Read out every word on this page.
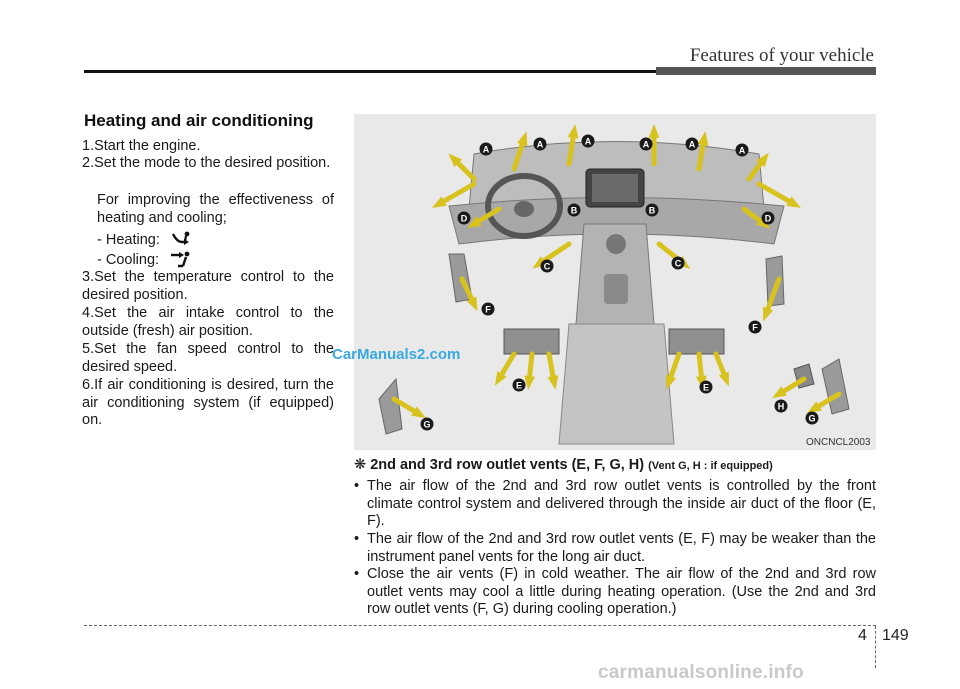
Features of your vehicle
Heating and air conditioning
1.Start the engine.
2.Set the mode to the desired position.
For improving the effectiveness of heating and cooling;
- Heating:
- Cooling:
3.Set the temperature control to the desired position.
4.Set the air intake control to the outside (fresh) air position.
5.Set the fan speed control to the desired speed.
6.If air conditioning is desired, turn the air conditioning system (if equipped) on.
A	A	A	A	A
A
B	B
C	C
D	D
E	E
F
F
G
G
H
ONCNCL2003
❋ 2nd and 3rd row outlet vents (E, F, G, H) (Vent G, H : if equipped)
• The air flow of the 2nd and 3rd row outlet vents is controlled by the front climate control system and delivered through the inside air duct of the floor (E, F).
• The air flow of the 2nd and 3rd row outlet vents (E, F) may be weaker than the instrument panel vents for the long air duct.
• Close the air vents (F) in cold weather. The air flow of the 2nd and 3rd row outlet vents may cool a little during heating operation. (Use the 2nd and 3rd row outlet vents (F, G) during cooling operation.)
CarManuals2.com
4 149
carmanualsonline.info
